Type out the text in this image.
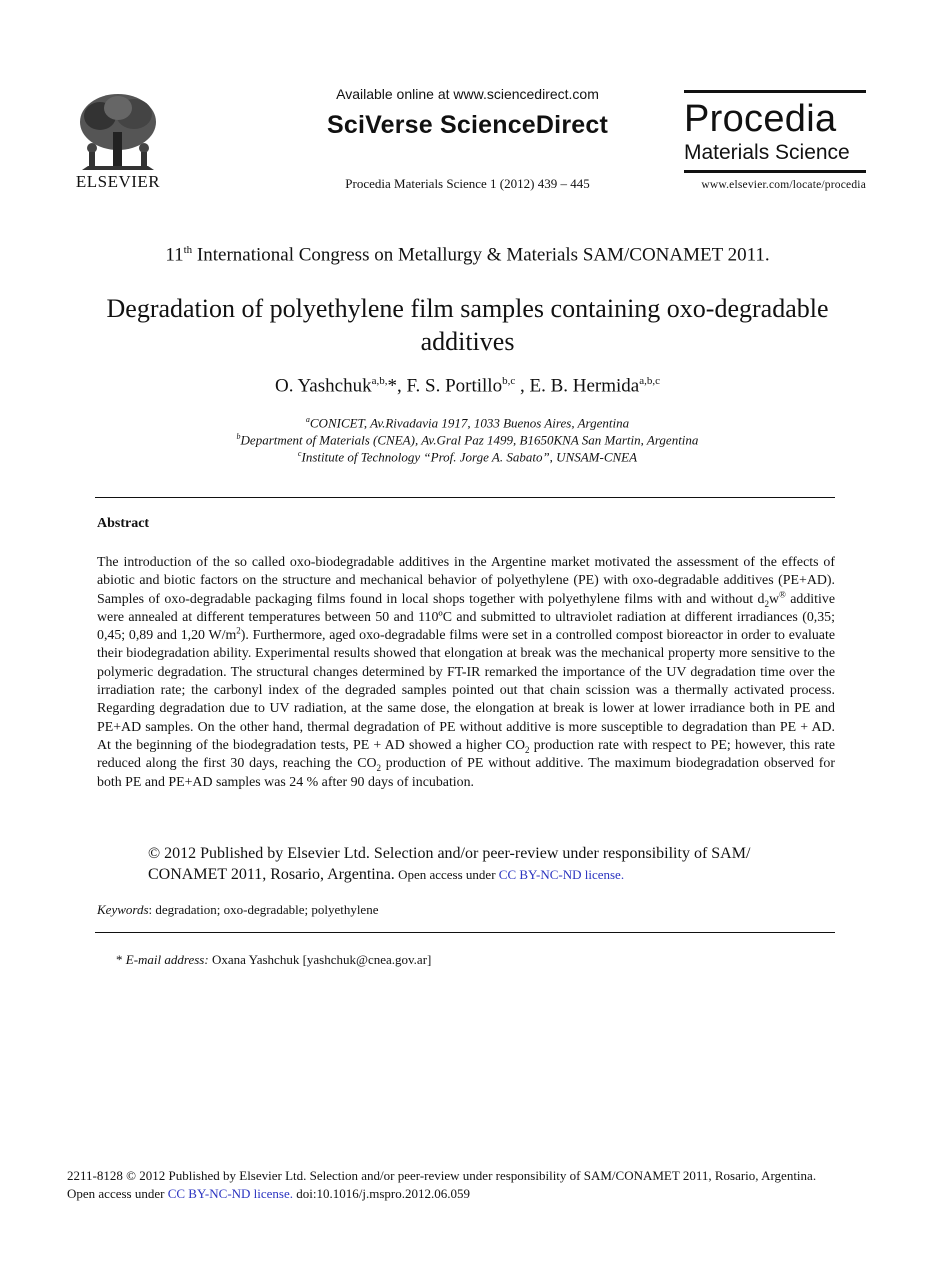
ELSEVIER
Available online at www.sciencedirect.com
SciVerse ScienceDirect
Procedia Materials Science 1 (2012) 439 – 445
Procedia
Materials Science
www.elsevier.com/locate/procedia
11th International Congress on Metallurgy & Materials SAM/CONAMET 2011.
Degradation of polyethylene film samples containing oxo-degradable additives
O. Yashchuk$^{a,b,}$*, F. S. Portillo$^{b,c}$ , E. B. Hermida$^{a,b,c}$
$^a$CONICET, Av.Rivadavia 1917, 1033 Buenos Aires, Argentina
$^b$Department of Materials (CNEA), Av.Gral Paz 1499, B1650KNA San Martin, Argentina
$^c$Institute of Technology “Prof. Jorge A. Sabato”, UNSAM-CNEA
Abstract
The introduction of the so called oxo-biodegradable additives in the Argentine market motivated the assessment of the effects of abiotic and biotic factors on the structure and mechanical behavior of polyethylene (PE) with oxo-degradable additives (PE+AD). Samples of oxo-degradable packaging films found in local shops together with polyethylene films with and without $d_2w®$ additive were annealed at different temperatures between 50 and 110ºC and submitted to ultraviolet radiation at different irradiances (0,35; 0,45; 0,89 and 1,20 $W/m^2$). Furthermore, aged oxo-degradable films were set in a controlled compost bioreactor in order to evaluate their biodegradation ability. Experimental results showed that elongation at break was the mechanical property more sensitive to the polymeric degradation. The structural changes determined by FT-IR remarked the importance of the UV degradation time over the irradiation rate; the carbonyl index of the degraded samples pointed out that chain scission was a thermally activated process. Regarding degradation due to UV radiation, at the same dose, the elongation at break is lower at lower irradiance both in PE and PE+AD samples. On the other hand, thermal degradation of PE without additive is more susceptible to degradation than PE + AD. At the beginning of the biodegradation tests, PE + AD showed a higher $CO_2$ production rate with respect to PE; however, this rate reduced along the first 30 days, reaching the $CO_2$ production of PE without additive. The maximum biodegradation observed for both PE and PE+AD samples was 24 % after 90 days of incubation.
© 2012 Published by Elsevier Ltd. Selection and/or peer-review under responsibility of SAM/ CONAMET 2011, Rosario, Argentina. Open access under CC BY-NC-ND license.
Keywords: degradation; oxo-degradable; polyethylene
* E-mail address: Oxana Yashchuk [yashchuk@cnea.gov.ar]
2211-8128 © 2012 Published by Elsevier Ltd. Selection and/or peer-review under responsibility of SAM/CONAMET 2011, Rosario, Argentina.
Open access under CC BY-NC-ND license. doi:10.1016/j.mspro.2012.06.059
